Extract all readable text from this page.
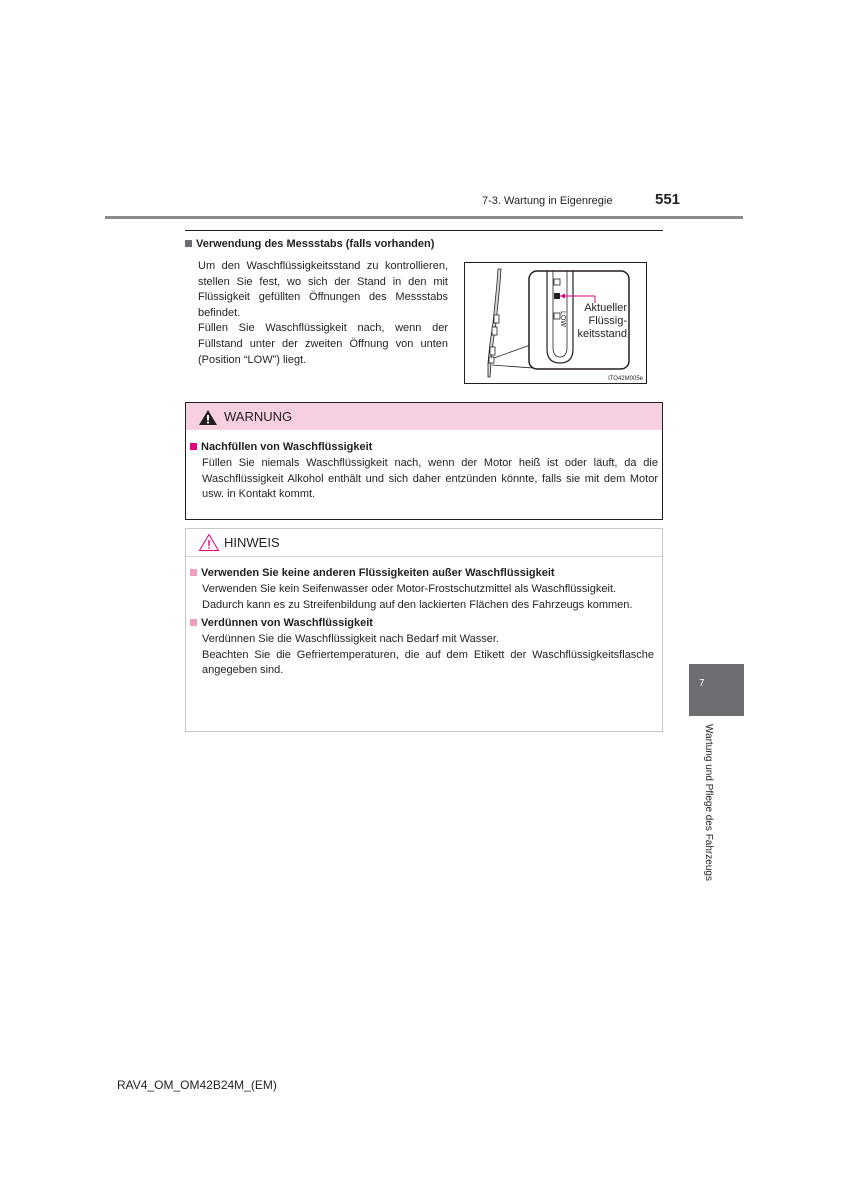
7-3. Wartung in Eigenregie	551
Verwendung des Messstabs (falls vorhanden)
Um den Waschflüssigkeitsstand zu kontrollieren, stellen Sie fest, wo sich der Stand in den mit Flüssigkeit gefüllten Öffnungen des Messstabs befindet.
Füllen Sie Waschflüssigkeit nach, wenn der Füllstand unter der zweiten Öffnung von unten (Position “LOW”) liegt.
LOW
Aktueller
Flüssig-
keitsstand
ITO42M005e
WARNUNG
Nachfüllen von Waschflüssigkeit
Füllen Sie niemals Waschflüssigkeit nach, wenn der Motor heiß ist oder läuft, da die Waschflüssigkeit Alkohol enthält und sich daher entzünden könnte, falls sie mit dem Motor usw. in Kontakt kommt.
HINWEIS
Verwenden Sie keine anderen Flüssigkeiten außer Waschflüssigkeit
Verwenden Sie kein Seifenwasser oder Motor-Frostschutzmittel als Waschflüssigkeit.
Dadurch kann es zu Streifenbildung auf den lackierten Flächen des Fahrzeugs kommen.
Verdünnen von Waschflüssigkeit
Verdünnen Sie die Waschflüssigkeit nach Bedarf mit Wasser.
Beachten Sie die Gefriertemperaturen, die auf dem Etikett der Waschflüssigkeitsflasche angegeben sind.
7
Wartung und Pflege des Fahrzeugs
RAV4_OM_OM42B24M_(EM)
